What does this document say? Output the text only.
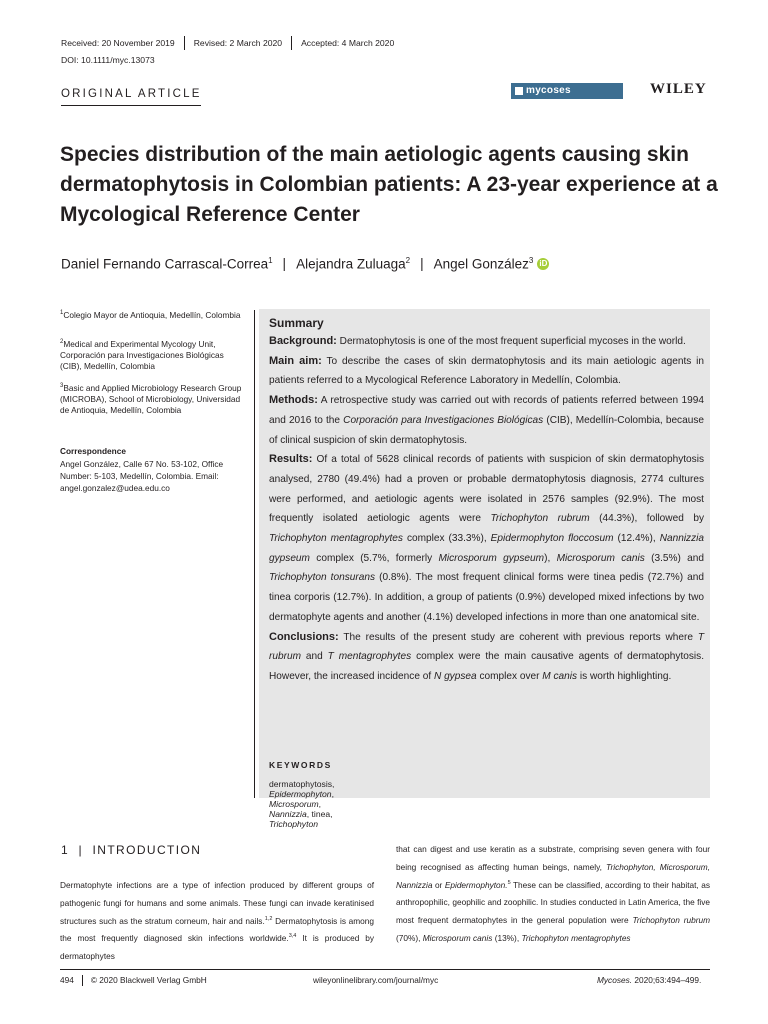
Received: 20 November 2019 Revised: 2 March 2020 Accepted: 4 March 2020
DOI: 10.1111/myc.13073
ORIGINAL ARTICLE	mycoses	WILEY
Species distribution of the main aetiologic agents causing skin dermatophytosis in Colombian patients: A 23-year experience at a Mycological Reference Center
Daniel Fernando Carrascal-Correa$^1$ | Alejandra Zuluaga$^2$ | Angel González$^3$ iD
$^1$Colegio Mayor de Antioquia, Medellín, Colombia
$^2$Medical and Experimental Mycology Unit, Corporación para Investigaciones Biológicas (CIB), Medellín, Colombia
$^3$Basic and Applied Microbiology Research Group (MICROBA), School of Microbiology, Universidad de Antioquia, Medellín, Colombia
Correspondence
Angel González, Calle 67 No. 53-102, Office Number: 5-103, Medellín, Colombia. Email: angel.gonzalez@udea.edu.co

Summary

Background: Dermatophytosis is one of the most frequent superficial mycoses in the world.

Main aim: To describe the cases of skin dermatophytosis and its main aetiologic agents in patients referred to a Mycological Reference Laboratory in Medellín, Colombia.

Methods: A retrospective study was carried out with records of patients referred between 1994 and 2016 to the Corporación para Investigaciones Biológicas (CIB), Medellín-Colombia, because of clinical suspicion of skin dermatophytosis.

Results: Of a total of 5628 clinical records of patients with suspicion of skin dermatophytosis analysed, 2780 (49.4%) had a proven or probable dermatophytosis diagnosis, 2774 cultures were performed, and aetiologic agents were isolated in 2576 samples (92.9%). The most frequently isolated aetiologic agents were Trichophyton rubrum (44.3%), followed by Trichophyton mentagrophytes complex (33.3%), Epidermophyton floccosum (12.4%), Nannizzia gypseum complex (5.7%, formerly Microsporum gypseum), Microsporum canis (3.5%) and Trichophyton tonsurans (0.8%). The most frequent clinical forms were tinea pedis (72.7%) and tinea corporis (12.7%). In addition, a group of patients (0.9%) developed mixed infections by two dermatophyte agents and another (4.1%) developed infections in more than one anatomical site.

Conclusions: The results of the present study are coherent with previous reports where T rubrum and T mentagrophytes complex were the main causative agents of dermatophytosis. However, the increased incidence of N gypsea complex over M canis is worth highlighting.

KEYWORDS
dermatophytosis, Epidermophyton, Microsporum, Nannizzia, tinea, Trichophyton
1  |  INTRODUCTION
Dermatophyte infections are a type of infection produced by different groups of pathogenic fungi for humans and some animals. These fungi can invade keratinised structures such as the stratum corneum, hair and nails.$^{1,2}$ Dermatophytosis is among the most frequently diagnosed skin infections worldwide.$^{3,4}$ It is produced by dermatophytes
that can digest and use keratin as a substrate, comprising seven genera with four being recognised as affecting human beings, namely, Trichophyton, Microsporum, Nannizzia or Epidermophyton.$^5$ These can be classified, according to their habitat, as anthropophilic, geophilic and zoophilic. In studies conducted in Latin America, the five most frequent dermatophytes in the general population were Trichophyton rubrum (70%), Microsporum canis (13%), Trichophyton mentagrophytes
494 © 2020 Blackwell Verlag GmbH	wileyonlinelibrary.com/journal/myc	Mycoses. 2020;63:494–499.
